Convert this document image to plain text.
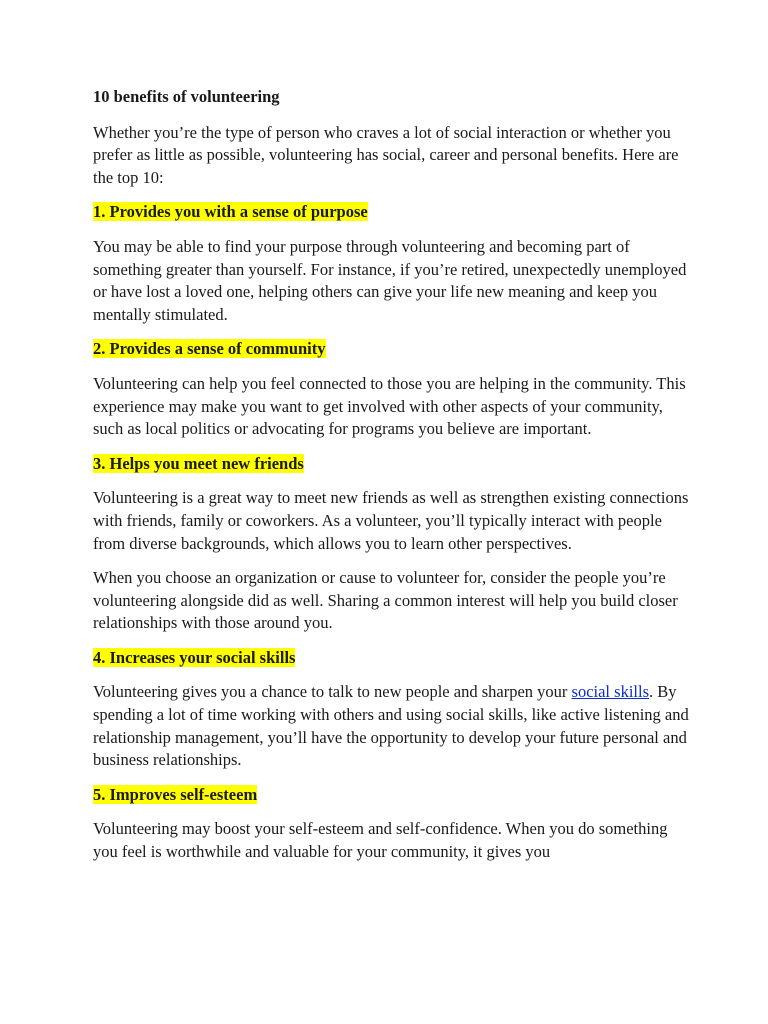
10 benefits of volunteering

Whether you’re the type of person who craves a lot of social interaction or whether you prefer as little as possible, volunteering has social, career and personal benefits. Here are the top 10:

1. Provides you with a sense of purpose

You may be able to find your purpose through volunteering and becoming part of something greater than yourself. For instance, if you’re retired, unexpectedly unemployed or have lost a loved one, helping others can give your life new meaning and keep you mentally stimulated.

2. Provides a sense of community

Volunteering can help you feel connected to those you are helping in the community. This experience may make you want to get involved with other aspects of your community, such as local politics or advocating for programs you believe are important.

3. Helps you meet new friends

Volunteering is a great way to meet new friends as well as strengthen existing connections with friends, family or coworkers. As a volunteer, you’ll typically interact with people from diverse backgrounds, which allows you to learn other perspectives.

When you choose an organization or cause to volunteer for, consider the people you’re volunteering alongside did as well. Sharing a common interest will help you build closer relationships with those around you.

4. Increases your social skills

Volunteering gives you a chance to talk to new people and sharpen your social skills. By spending a lot of time working with others and using social skills, like active listening and relationship management, you’ll have the opportunity to develop your future personal and business relationships.

5. Improves self-esteem

Volunteering may boost your self-esteem and self-confidence. When you do something you feel is worthwhile and valuable for your community, it gives you
